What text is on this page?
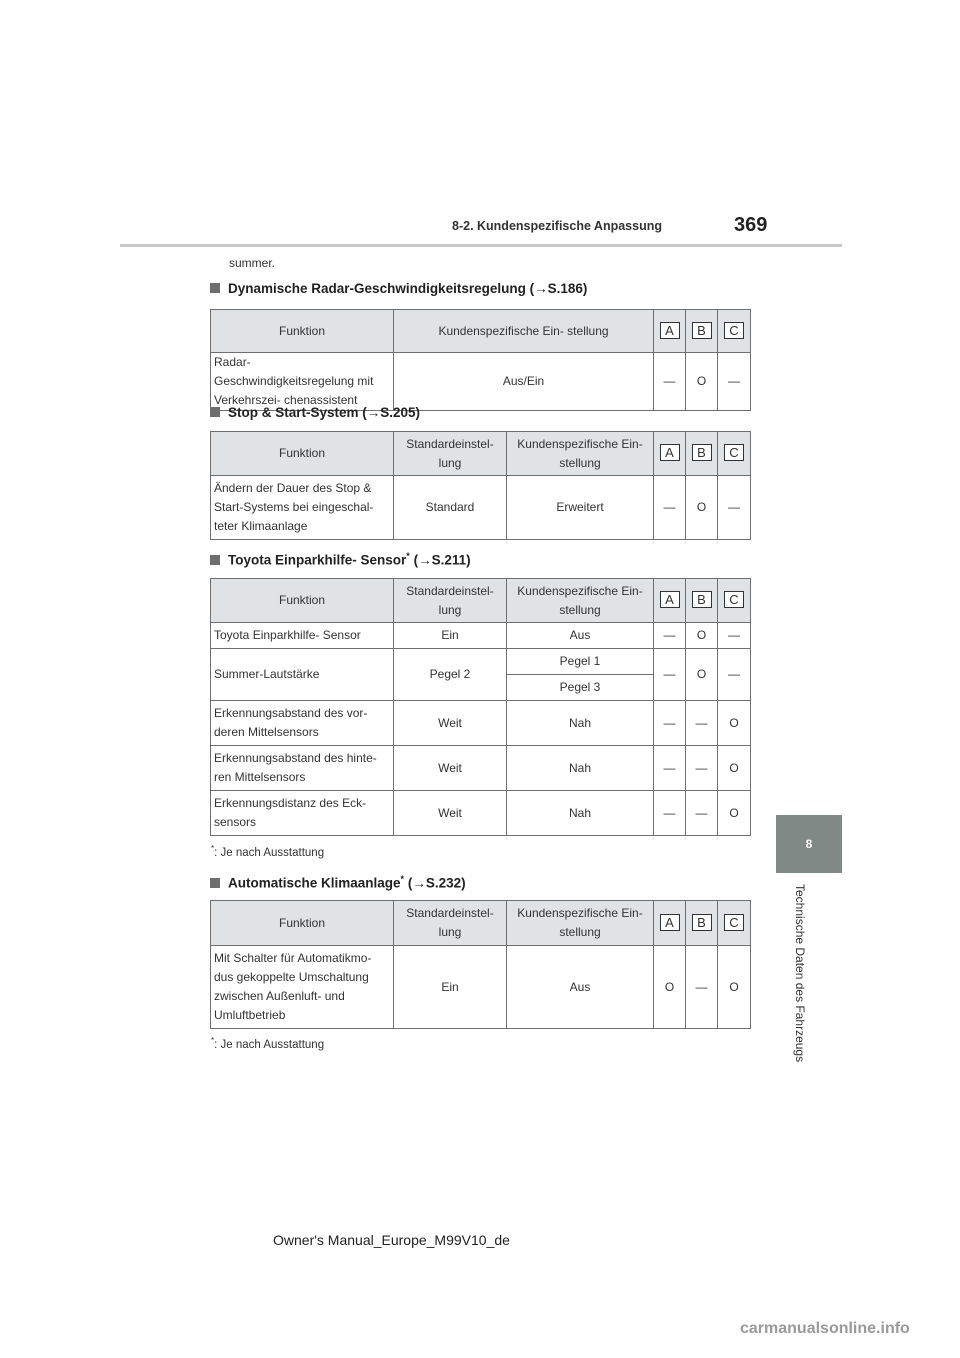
8-2. Kundenspezifische Anpassung	369
8
Technische Daten des Fahrzeugs
summer.
Dynamische Radar-Geschwindigkeitsregelung (→S.186)
Funktion	Kundenspezifische Ein- stellung	A	B	C
Radar-Geschwindigkeitsregelung mit Verkehrszei- chenassistent	Aus/Ein	—	O	—
Stop & Start-System (→S.205)
Funktion	Standardeinstel- lung	Kundenspezifische Ein- stellung	A	B	C
Ändern der Dauer des Stop & Start-Systems bei eingeschal- teter Klimaanlage	Standard	Erweitert	—	O	—
Toyota Einparkhilfe- Sensor* (→S.211)
Funktion	Standardeinstel- lung	Kundenspezifische Ein- stellung	A	B	C
Toyota Einparkhilfe- Sensor	Ein	Aus	—	O	—
Summer-Lautstärke	Pegel 2	Pegel 1	—	O	—
		Pegel 3			
Erkennungsabstand des vor- deren Mittelsensors	Weit	Nah	—	—	O
Erkennungsabstand des hinte- ren Mittelsensors	Weit	Nah	—	—	O
Erkennungsdistanz des Eck- sensors	Weit	Nah	—	—	O
*: Je nach Ausstattung
Automatische Klimaanlage* (→S.232)
Funktion	Standardeinstel- lung	Kundenspezifische Ein- stellung	A	B	C
Mit Schalter für Automatikmo- dus gekoppelte Umschaltung zwischen Außenluft- und Umluftbetrieb	Ein	Aus	O	—	O
*: Je nach Ausstattung
Owner's Manual_Europe_M99V10_de
carmanualsonline.info
